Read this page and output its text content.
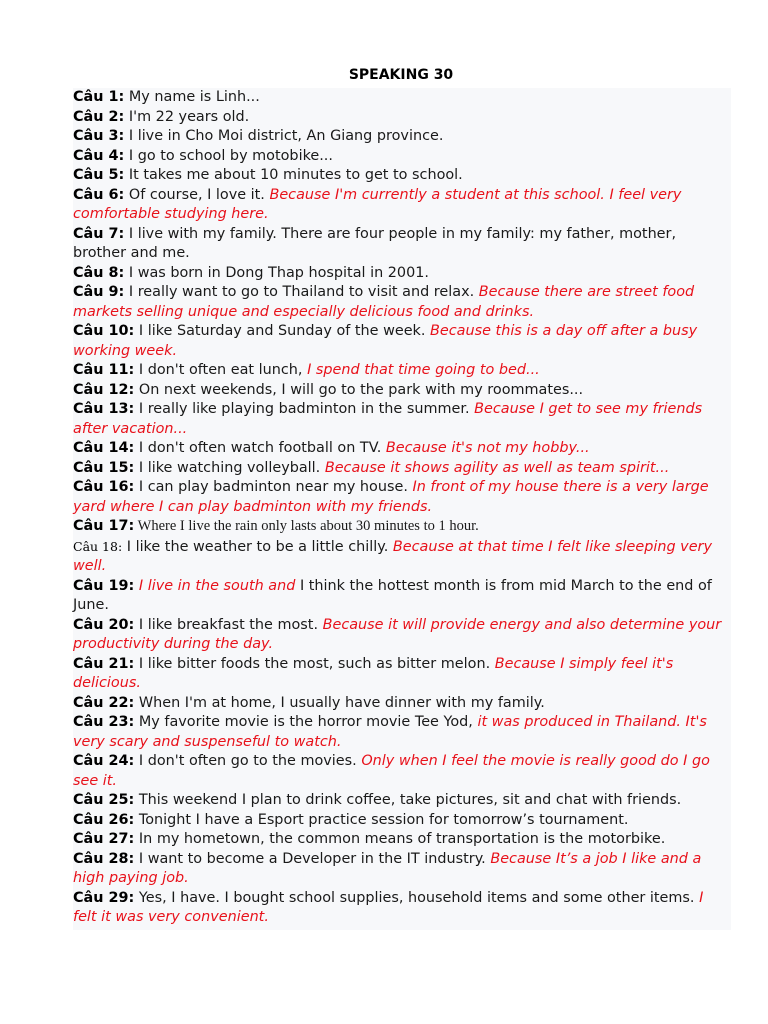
SPEAKING 30

Câu 1: My name is Linh...

Câu 2: I'm 22 years old.

Câu 3: I live in Cho Moi district, An Giang province.

Câu 4: I go to school by motobike...

Câu 5: It takes me about 10 minutes to get to school.

Câu 6: Of course, I love it. Because I'm currently a student at this school. I feel very comfortable studying here.

Câu 7: I live with my family. There are four people in my family: my father, mother, brother and me.

Câu 8: I was born in Dong Thap hospital in 2001.

Câu 9: I really want to go to Thailand to visit and relax. Because there are street food markets selling unique and especially delicious food and drinks.

Câu 10: I like Saturday and Sunday of the week. Because this is a day off after a busy working week.

Câu 11: I don't often eat lunch, I spend that time going to bed...

Câu 12: On next weekends, I will go to the park with my roommates...

Câu 13: I really like playing badminton in the summer. Because I get to see my friends after vacation...

Câu 14: I don't often watch football on TV. Because it's not my hobby...

Câu 15: I like watching volleyball. Because it shows agility as well as team spirit...

Câu 16: I can play badminton near my house. In front of my house there is a very large yard where I can play badminton with my friends.

Câu 17: Where I live the rain only lasts about 30 minutes to 1 hour.

Câu 18: I like the weather to be a little chilly. Because at that time I felt like sleeping very well.

Câu 19: I live in the south and I think the hottest month is from mid March to the end of June.

Câu 20: I like breakfast the most. Because it will provide energy and also determine your productivity during the day.

Câu 21: I like bitter foods the most, such as bitter melon. Because I simply feel it's delicious.

Câu 22: When I'm at home, I usually have dinner with my family.

Câu 23: My favorite movie is the horror movie Tee Yod, it was produced in Thailand. It's very scary and suspenseful to watch.

Câu 24: I don't often go to the movies. Only when I feel the movie is really good do I go see it.

Câu 25: This weekend I plan to drink coffee, take pictures, sit and chat with friends.

Câu 26: Tonight I have a Esport practice session for tomorrow’s tournament.

Câu 27: In my hometown, the common means of transportation is the motorbike.

Câu 28: I want to become a Developer in the IT industry. Because It’s a job I like and a high paying job.

Câu 29: Yes, I have. I bought school supplies, household items and some other items. I felt it was very convenient.
